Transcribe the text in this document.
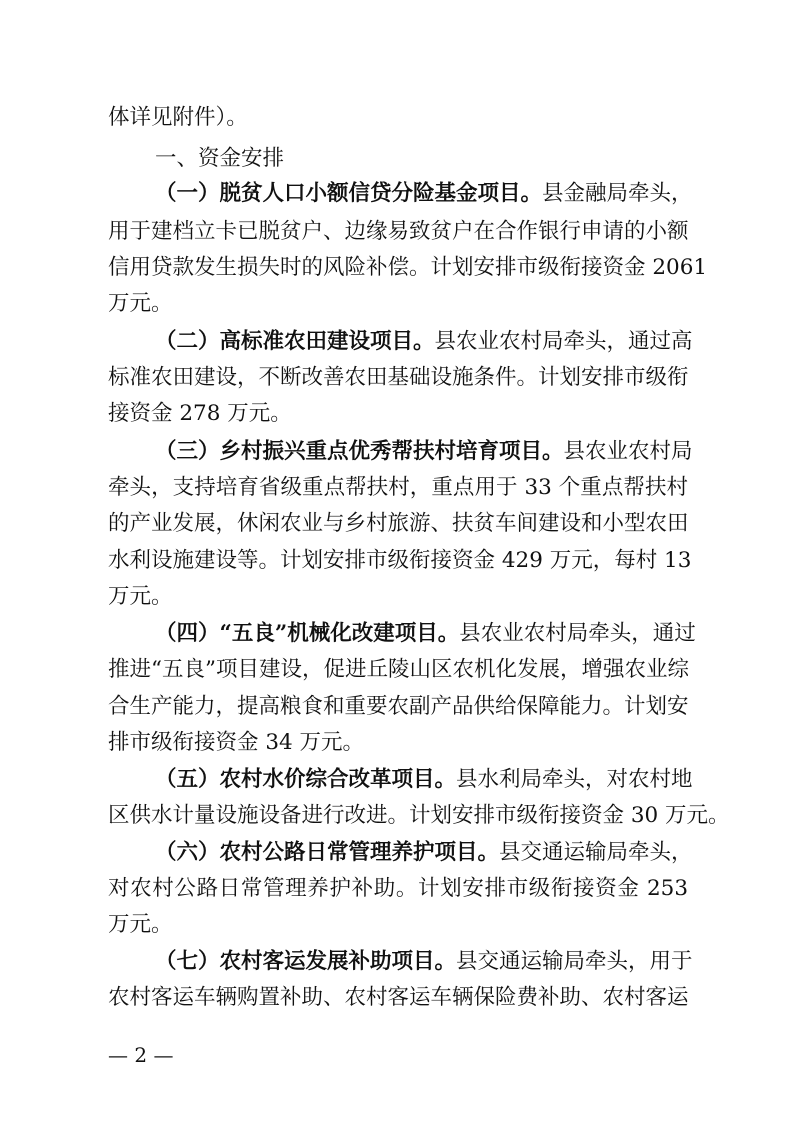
体详见附件）。
一、资金安排
（一）脱贫人口小额信贷分险基金项目。县金融局牵头，
用于建档立卡已脱贫户、边缘易致贫户在合作银行申请的小额
信用贷款发生损失时的风险补偿。计划安排市级衔接资金 2061
万元。
（二）高标准农田建设项目。县农业农村局牵头，通过高
标准农田建设，不断改善农田基础设施条件。计划安排市级衔
接资金 278 万元。
（三）乡村振兴重点优秀帮扶村培育项目。县农业农村局
牵头，支持培育省级重点帮扶村，重点用于 33 个重点帮扶村
的产业发展，休闲农业与乡村旅游、扶贫车间建设和小型农田
水利设施建设等。计划安排市级衔接资金 429 万元，每村 13
万元。
（四）“五良”机械化改建项目。县农业农村局牵头，通过
推进“五良”项目建设，促进丘陵山区农机化发展，增强农业综
合生产能力，提高粮食和重要农副产品供给保障能力。计划安
排市级衔接资金 34 万元。
（五）农村水价综合改革项目。县水利局牵头，对农村地
区供水计量设施设备进行改进。计划安排市级衔接资金 30 万元。
（六）农村公路日常管理养护项目。县交通运输局牵头，
对农村公路日常管理养护补助。计划安排市级衔接资金 253
万元。
（七）农村客运发展补助项目。县交通运输局牵头，用于
农村客运车辆购置补助、农村客运车辆保险费补助、农村客运
— 2 —
